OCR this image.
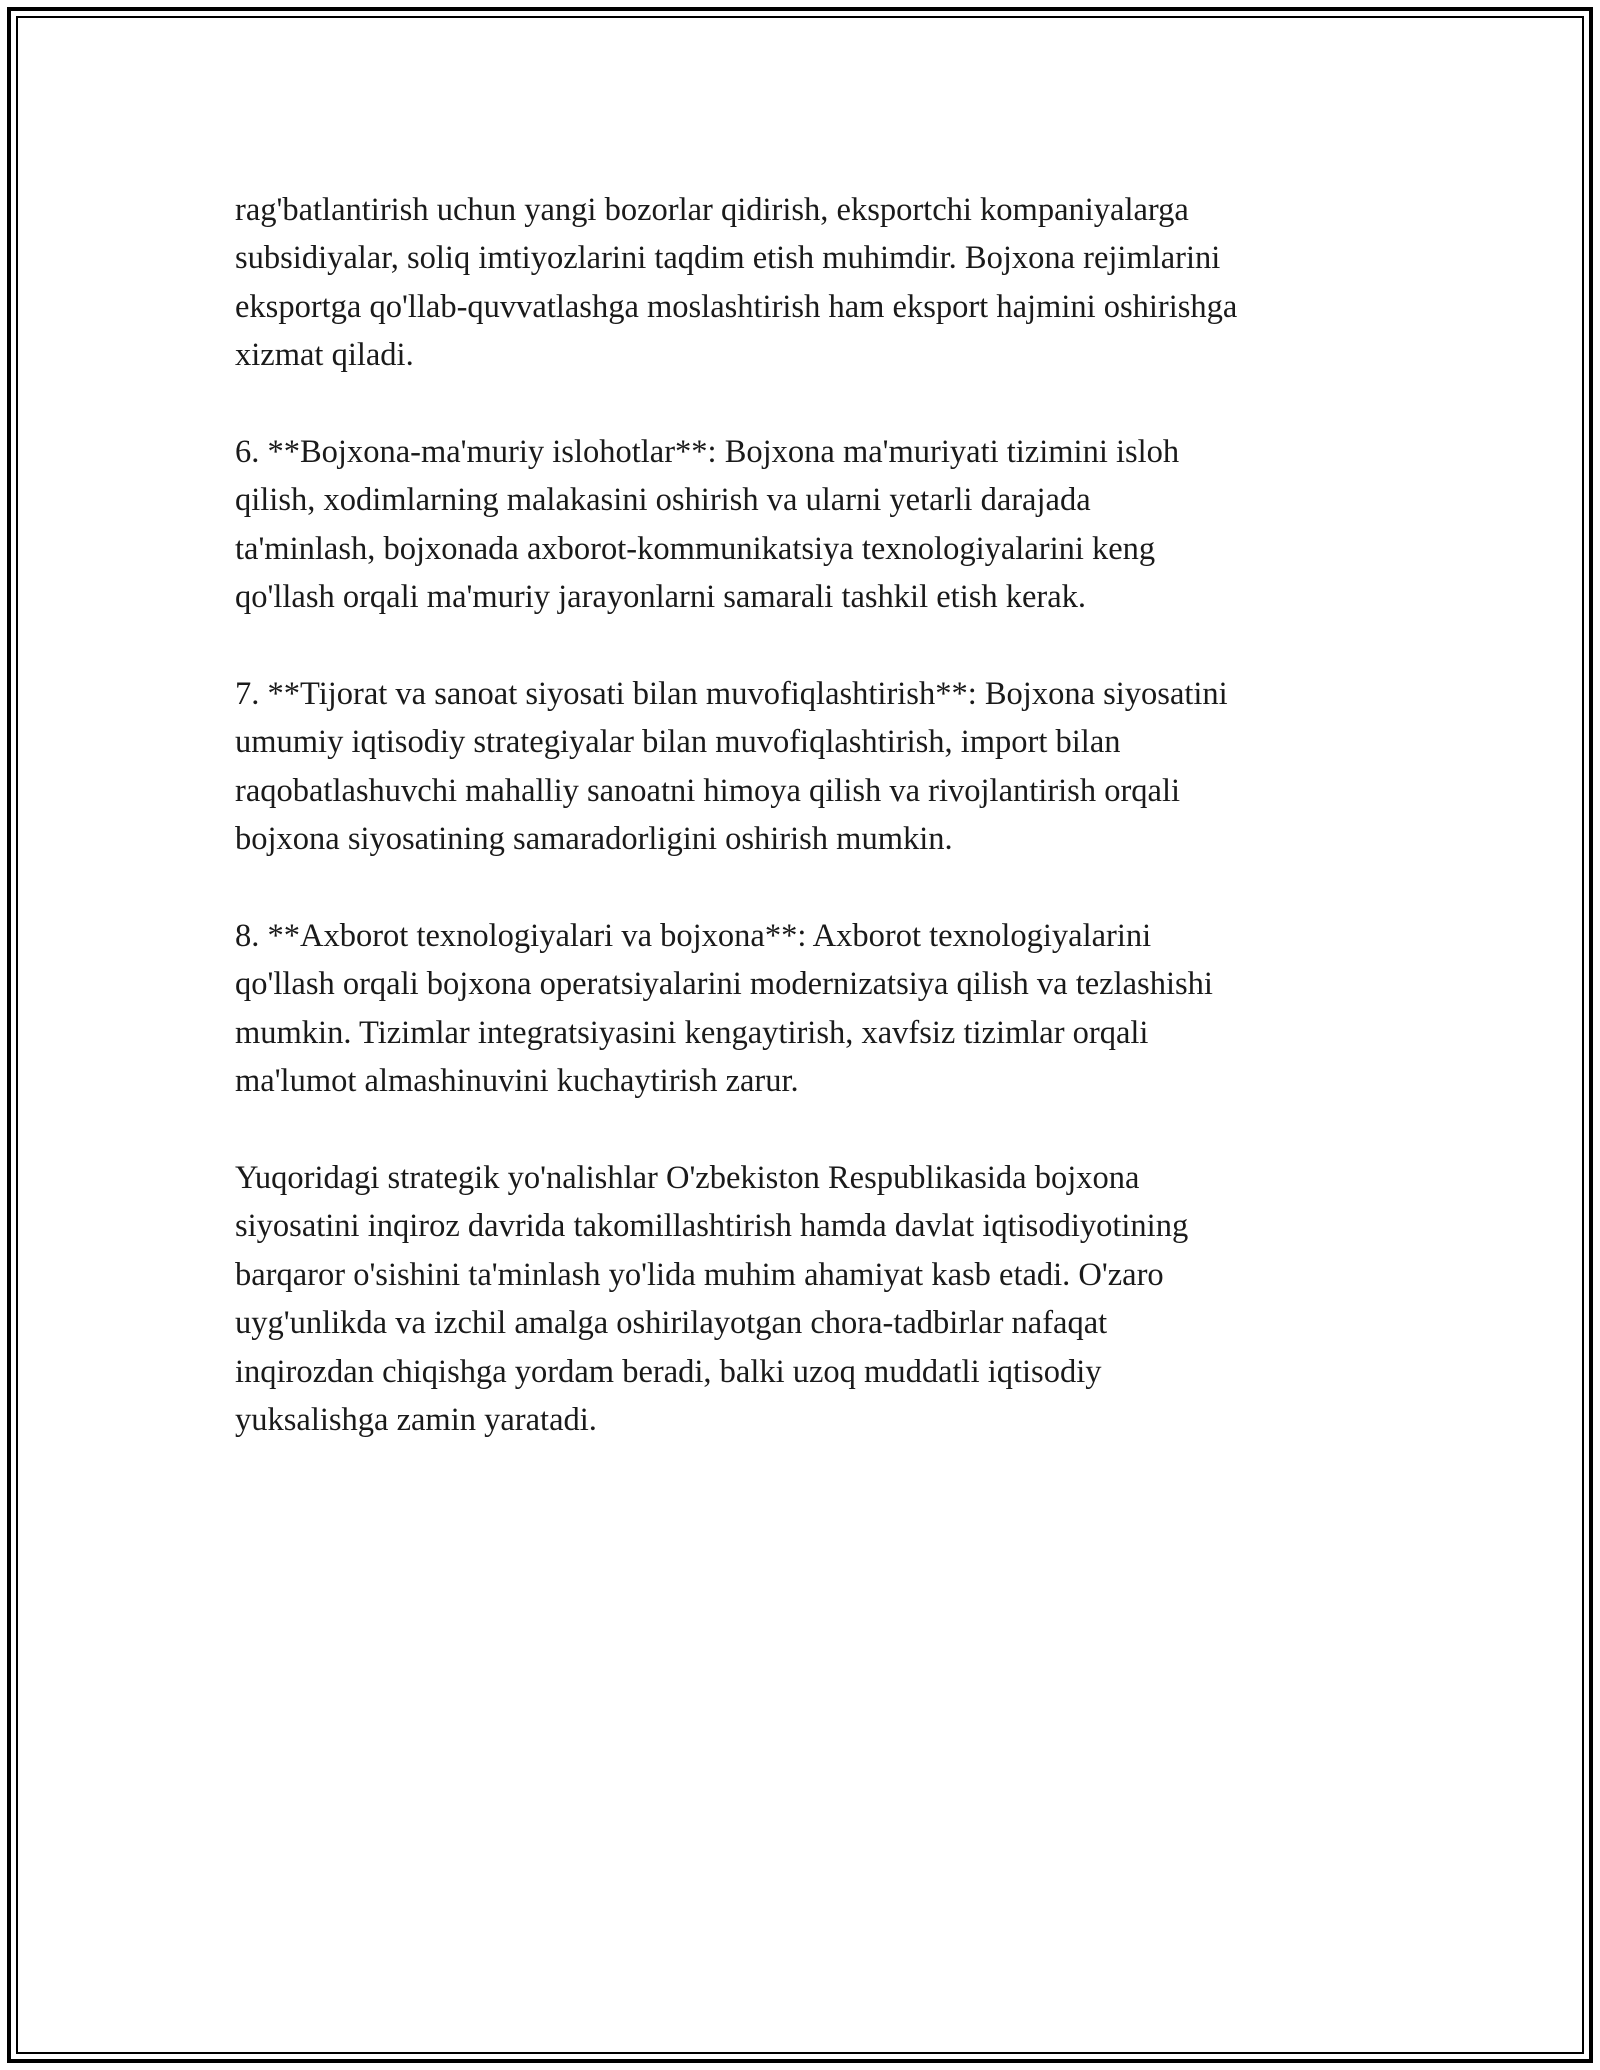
rag'batlantirish uchun yangi bozorlar qidirish, eksportchi kompaniyalarga
subsidiyalar, soliq imtiyozlarini taqdim etish muhimdir. Bojxona rejimlarini
eksportga qo'llab-quvvatlashga moslashtirish ham eksport hajmini oshirishga
xizmat qiladi.

6. **Bojxona-ma'muriy islohotlar**: Bojxona ma'muriyati tizimini isloh
qilish, xodimlarning malakasini oshirish va ularni yetarli darajada
ta'minlash, bojxonada axborot-kommunikatsiya texnologiyalarini keng
qo'llash orqali ma'muriy jarayonlarni samarali tashkil etish kerak.

7. **Tijorat va sanoat siyosati bilan muvofiqlashtirish**: Bojxona siyosatini
umumiy iqtisodiy strategiyalar bilan muvofiqlashtirish, import bilan
raqobatlashuvchi mahalliy sanoatni himoya qilish va rivojlantirish orqali
bojxona siyosatining samaradorligini oshirish mumkin.

8. **Axborot texnologiyalari va bojxona**: Axborot texnologiyalarini
qo'llash orqali bojxona operatsiyalarini modernizatsiya qilish va tezlashishi
mumkin. Tizimlar integratsiyasini kengaytirish, xavfsiz tizimlar orqali
ma'lumot almashinuvini kuchaytirish zarur.

Yuqoridagi strategik yo'nalishlar O'zbekiston Respublikasida bojxona
siyosatini inqiroz davrida takomillashtirish hamda davlat iqtisodiyotining
barqaror o'sishini ta'minlash yo'lida muhim ahamiyat kasb etadi. O'zaro
uyg'unlikda va izchil amalga oshirilayotgan chora-tadbirlar nafaqat
inqirozdan chiqishga yordam beradi, balki uzoq muddatli iqtisodiy
yuksalishga zamin yaratadi.
